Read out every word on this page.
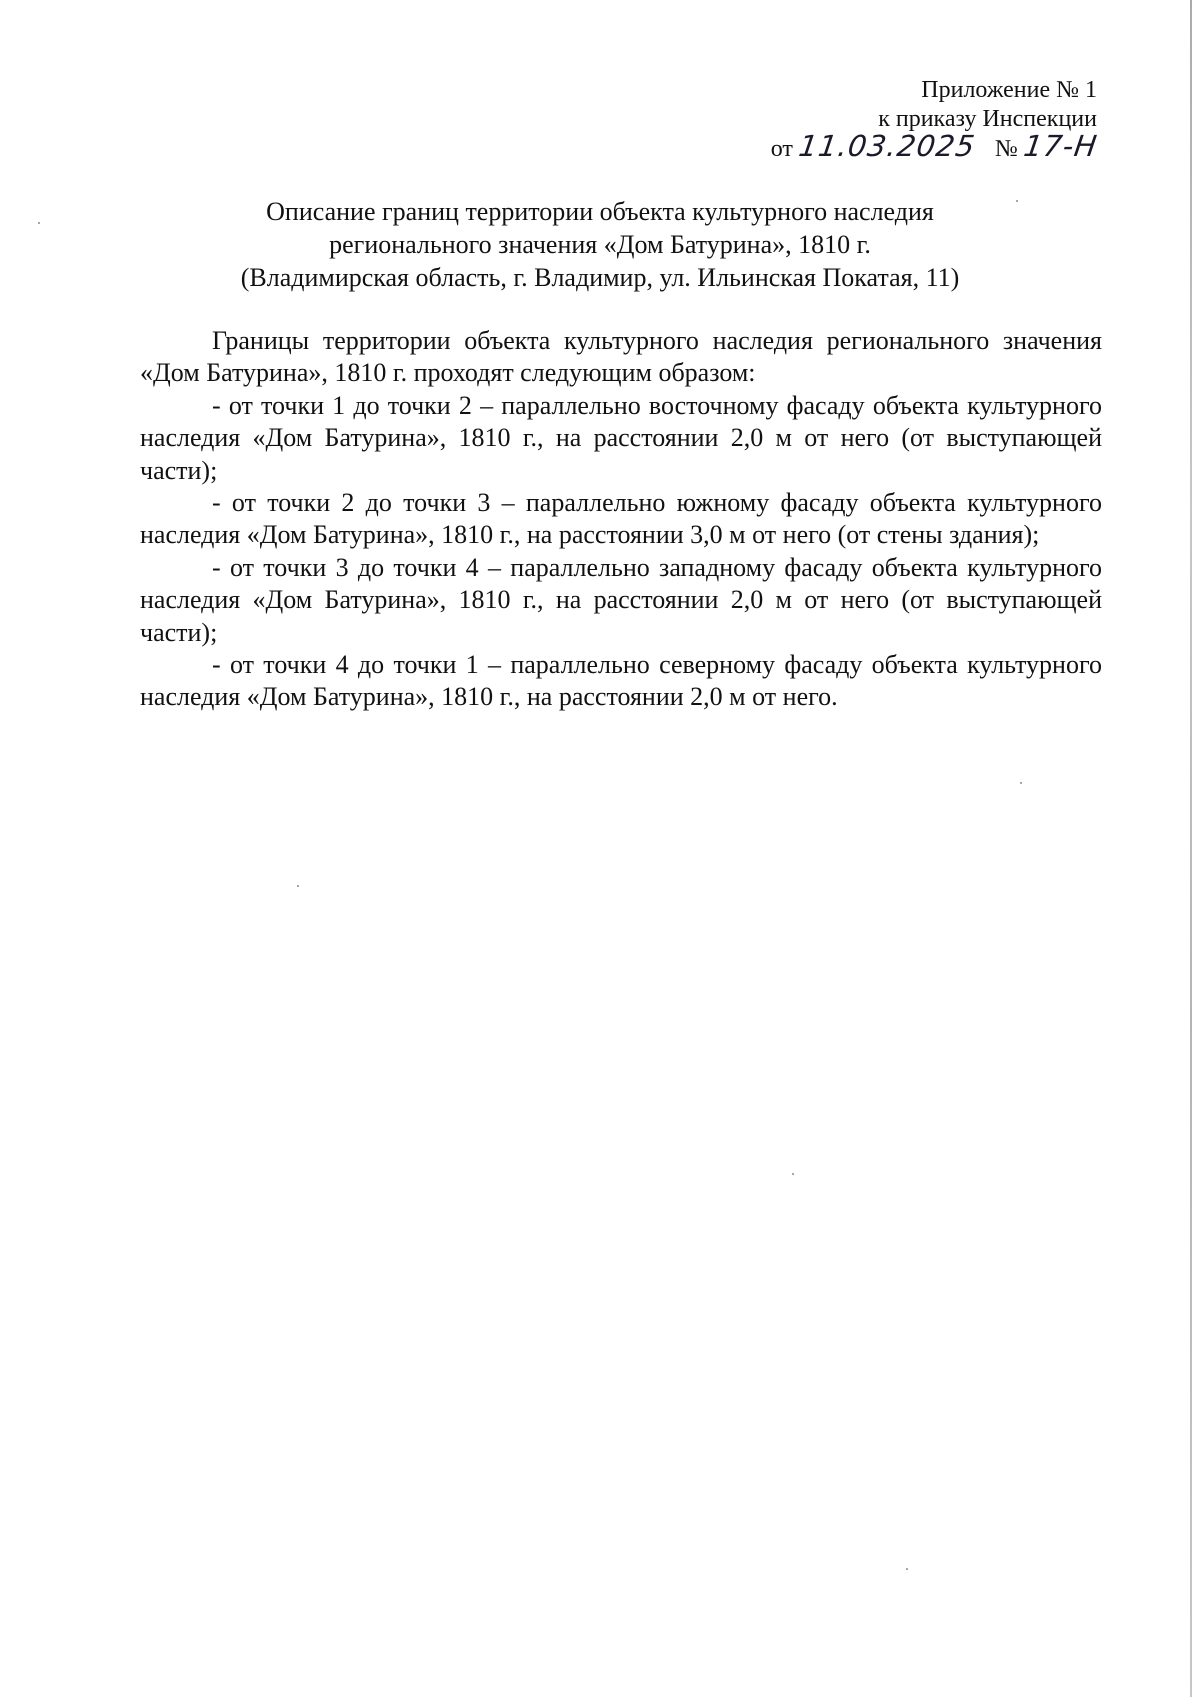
Приложение № 1
к приказу Инспекции
от 11.03.2025 № 17-Н
Описание границ территории объекта культурного наследия
регионального значения «Дом Батурина», 1810 г.
(Владимирская область, г. Владимир, ул. Ильинская Покатая, 11)

Границы территории объекта культурного наследия регионального значения «Дом Батурина», 1810 г. проходят следующим образом:

- от точки 1 до точки 2 – параллельно восточному фасаду объекта культурного наследия «Дом Батурина», 1810 г., на расстоянии 2,0 м от него (от выступающей части);

- от точки 2 до точки 3 – параллельно южному фасаду объекта культурного наследия «Дом Батурина», 1810 г., на расстоянии 3,0 м от него (от стены здания);

- от точки 3 до точки 4 – параллельно западному фасаду объекта культурного наследия «Дом Батурина», 1810 г., на расстоянии 2,0 м от него (от выступающей части);

- от точки 4 до точки 1 – параллельно северному фасаду объекта культурного наследия «Дом Батурина», 1810 г., на расстоянии 2,0 м от него.
